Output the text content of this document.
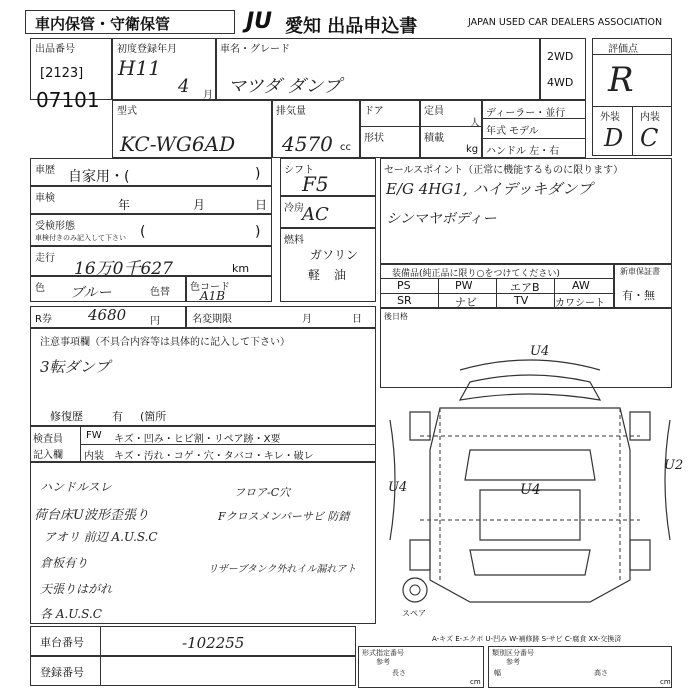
車内保管・守衛保管	JU 愛知 出品申込書	JAPAN USED CAR DEALERS ASSOCIATION
出品番号
[2123]
07101
初度登録年月
H11
4 月
車名・グレード
マツダ ダンプ
2WD
4WD
評価点
R
外装 内装
D C
型式
KC-WG6AD
排気量
4570 cc
ドア
形状
定員
人
積載
kg
ディーラー・並行
年式 モデル
ハンドル 左・右
車歴 自家用・(	)
車検	年	月	日
受検形態
車検付きのみ記入して下さい (	)
走行
16万0千627	km
色 ブルー	色替 色コード
A1B
シフト
F5
冷房
AC
燃料
ガソリン
軽 油
セールスポイント（正常に機能するものに限ります）
E/G 4HG1, ハイデッキダンプ
シンマヤボディー
装備品(純正品に限り○をつけてください)
PS	PW	エアB	AW
SR	ナビ	TV	カワシート
新車保証書
有・無
R券 4680 円	名変期限	月	日	後日格
注意事項欄（不具合内容等は具体的に記入して下さい）
3転ダンプ
修復歴	有 (箇所
検査員
記入欄
FW キズ・凹み・ヒビ割・リペア跡・X要
内装 キズ・汚れ・コゲ・穴・タバコ・キレ・破レ
ハンドルスレ
荷台床U波形歪張り
アオリ 前辺 A.U.S.C
倉板有り
天張りはがれ
各 A.U.S.C
フロア-C穴
Fクロスメンバーサビ 防錆
リザーブタンク外れイル漏れアト
U4
U4
U2
U4
スペア
A-キズ E-エクボ U-凹み W-補修跡 S-サビ C-腐食 XX-交換済
車台番号	-102255
登録番号
形式指定番号
参考
長さ
cm
類別区分番号
参考
幅	高さ
cm
